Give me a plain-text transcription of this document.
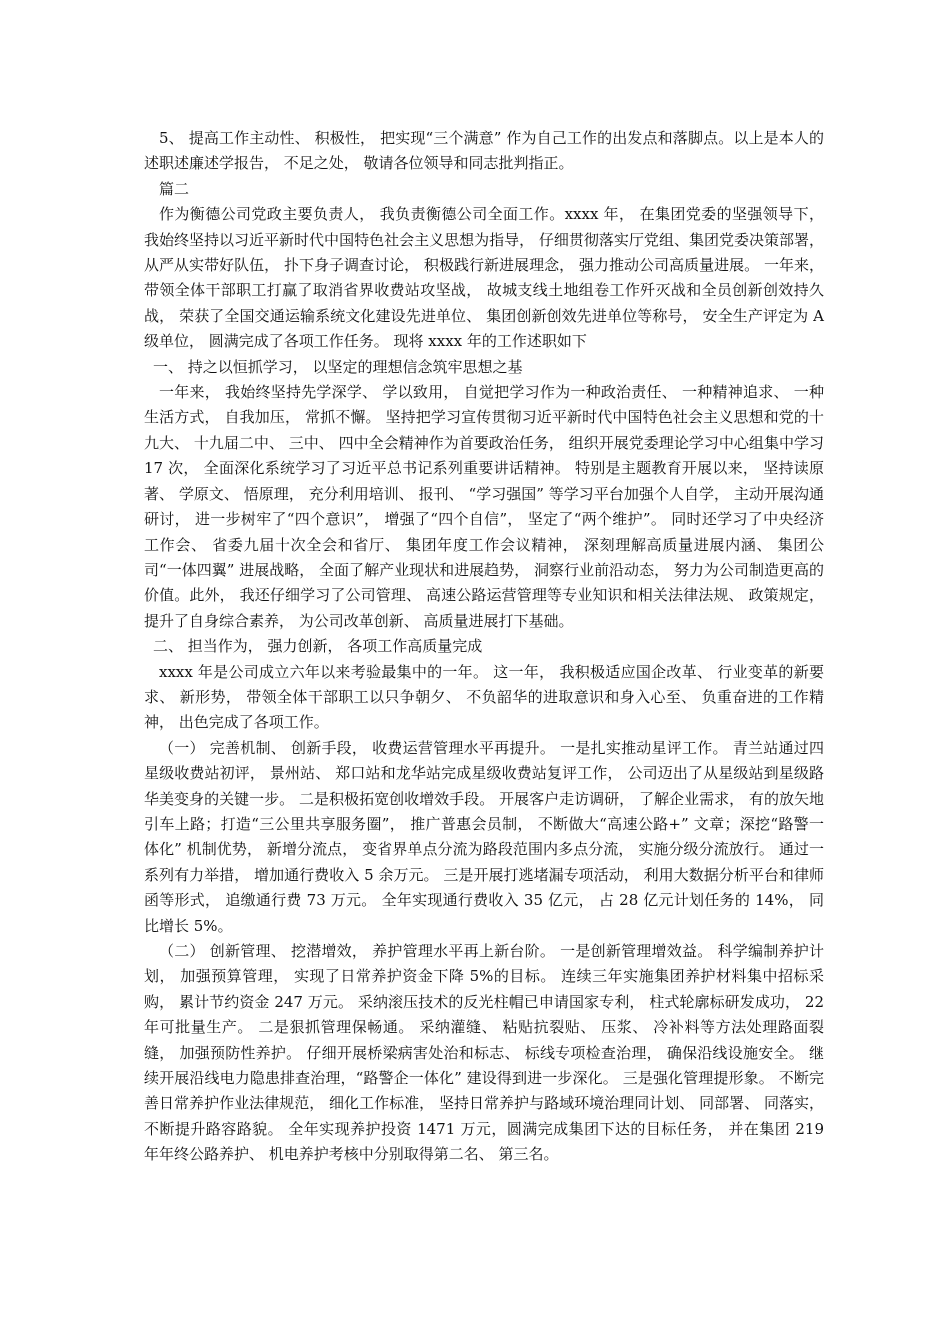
5、 提高工作主动性、 积极性， 把实现“三个满意” 作为自己工作的出发点和落脚点。以上是本人的述职述廉述学报告， 不足之处， 敬请各位领导和同志批判指正。

篇二

作为衡德公司党政主要负责人， 我负责衡德公司全面工作。xxxx 年， 在集团党委的坚强领导下， 我始终坚持以习近平新时代中国特色社会主义思想为指导， 仔细贯彻落实厅党组、集团党委决策部署， 从严从实带好队伍， 扑下身子调查讨论， 积极践行新进展理念， 强力推动公司高质量进展。 一年来， 带领全体干部职工打赢了取消省界收费站攻坚战， 故城支线土地组卷工作歼灭战和全员创新创效持久战， 荣获了全国交通运输系统文化建设先进单位、 集团创新创效先进单位等称号， 安全生产评定为 A 级单位， 圆满完成了各项工作任务。 现将 xxxx 年的工作述职如下

一、 持之以恒抓学习， 以坚定的理想信念筑牢思想之基

一年来， 我始终坚持先学深学、 学以致用， 自觉把学习作为一种政治责任、 一种精神追求、 一种生活方式， 自我加压， 常抓不懈。 坚持把学习宣传贯彻习近平新时代中国特色社会主义思想和党的十九大、 十九届二中、 三中、 四中全会精神作为首要政治任务， 组织开展党委理论学习中心组集中学习 17 次， 全面深化系统学习了习近平总书记系列重要讲话精神。 特别是主题教育开展以来， 坚持读原著、 学原文、 悟原理， 充分利用培训、 报刊、 “学习强国” 等学习平台加强个人自学， 主动开展沟通研讨， 进一步树牢了“四个意识”， 增强了“四个自信”， 坚定了“两个维护”。 同时还学习了中央经济工作会、 省委九届十次全会和省厅、 集团年度工作会议精神， 深刻理解高质量进展内涵、 集团公司“一体四翼” 进展战略， 全面了解产业现状和进展趋势， 洞察行业前沿动态， 努力为公司制造更高的价值。此外， 我还仔细学习了公司管理、 高速公路运营管理等专业知识和相关法律法规、 政策规定， 提升了自身综合素养， 为公司改革创新、 高质量进展打下基础。

二、 担当作为， 强力创新， 各项工作高质量完成

xxxx 年是公司成立六年以来考验最集中的一年。 这一年， 我积极适应国企改革、 行业变革的新要求、 新形势， 带领全体干部职工以只争朝夕、 不负韶华的进取意识和身入心至、 负重奋进的工作精神， 出色完成了各项工作。

（一） 完善机制、 创新手段， 收费运营管理水平再提升。 一是扎实推动星评工作。 青兰站通过四星级收费站初评， 景州站、 郑口站和龙华站完成星级收费站复评工作， 公司迈出了从星级站到星级路华美变身的关键一步。 二是积极拓宽创收增效手段。 开展客户走访调研， 了解企业需求， 有的放矢地引车上路；打造“三公里共享服务圈”， 推广普惠会员制， 不断做大“高速公路+” 文章；深挖“路警一体化” 机制优势， 新增分流点， 变省界单点分流为路段范围内多点分流， 实施分级分流放行。 通过一系列有力举措， 增加通行费收入 5 余万元。 三是开展打逃堵漏专项活动， 利用大数据分析平台和律师函等形式， 追缴通行费 73 万元。 全年实现通行费收入 35 亿元， 占 28 亿元计划任务的 14%， 同比增长 5%。

（二） 创新管理、 挖潜增效， 养护管理水平再上新台阶。 一是创新管理增效益。 科学编制养护计划， 加强预算管理， 实现了日常养护资金下降 5%的目标。 连续三年实施集团养护材料集中招标采购， 累计节约资金 247 万元。 采纳滚压技术的反光柱帽已申请国家专利， 柱式轮廓标研发成功， 22 年可批量生产。 二是狠抓管理保畅通。 采纳灌缝、 粘贴抗裂贴、 压浆、 冷补料等方法处理路面裂缝， 加强预防性养护。 仔细开展桥梁病害处治和标志、 标线专项检查治理， 确保沿线设施安全。 继续开展沿线电力隐患排查治理，“路警企一体化” 建设得到进一步深化。 三是强化管理提形象。 不断完善日常养护作业法律规范， 细化工作标准， 坚持日常养护与路域环境治理同计划、 同部署、 同落实， 不断提升路容路貌。 全年实现养护投资 1471 万元，圆满完成集团下达的目标任务， 并在集团 219 年年终公路养护、 机电养护考核中分别取得第二名、 第三名。
